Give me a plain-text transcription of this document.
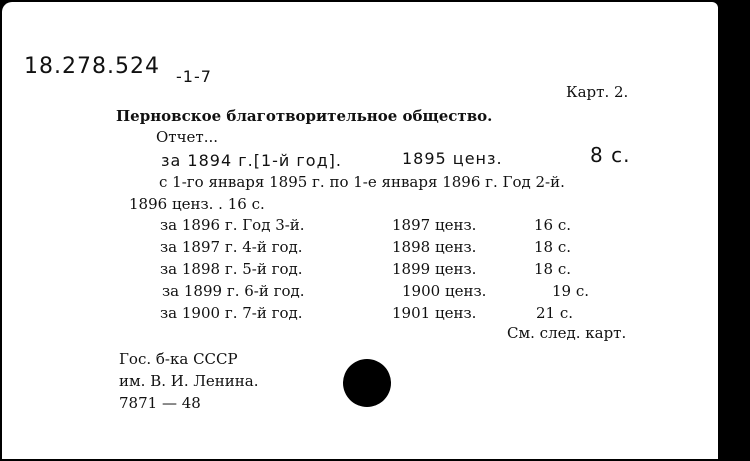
18.278.524 -1-7
Карт. 2.
Перновское благотворительное общество.
Отчет...
за 1894 г.[1-й год].	1895 ценз.	8 с.
с 1-го января 1895 г. по 1-е января 1896 г. Год 2-й.
1896 ценз. . 16 с.
за 1896 г. Год 3-й.	1897 ценз.	16 с.
за 1897 г. 4-й год.	1898 ценз.	18 с.
за 1898 г. 5-й год.	1899 ценз.	18 с.
за 1899 г. 6-й год.	1900 ценз.	19 с.
за 1900 г. 7-й год.	1901 ценз.	21 с.
См. след. карт.
Гос. б-ка СССР
им. В. И. Ленина.
7871 — 48
